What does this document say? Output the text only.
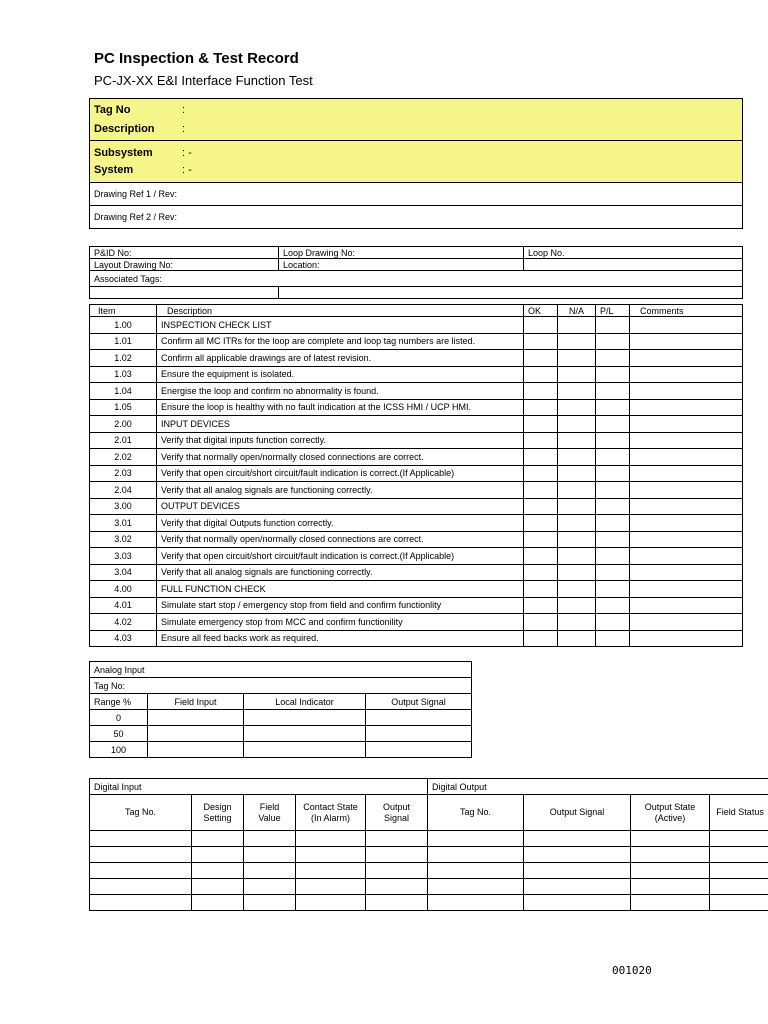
PC Inspection & Test Record
PC-JX-XX E&I Interface Function Test
Tag No	:
Description :

Subsystem	: -
System	: -

Drawing Ref 1 / Rev:
Drawing Ref 2 / Rev:
P&ID No:	Loop Drawing No:	Loop No.
Layout Drawing No:	Location:	
Associated Tags:		

Item	Description	OK	N/A	P/L	Comments
1.00	INSPECTION CHECK LIST				
1.01	Confirm all MC ITRs for the loop are complete and loop tag numbers are listed.				
1.02	Confirm all applicable drawings are of latest revision.				
1.03	Ensure the equipment is isolated.				
1.04	Energise the loop and confirm no abnormality is found.				
1.05	Ensure the loop is healthy with no fault indication at the ICSS HMI / UCP HMI.				
2.00	INPUT DEVICES				
2.01	Verify that digital inputs function correctly.				
2.02	Verify that normally open/normally closed connections are correct.				
2.03	Verify that open circuit/short circuit/fault indication is correct.(If Applicable)				
2.04	Verify that all analog signals are functioning correctly.				
3.00	OUTPUT DEVICES				
3.01	Verify that digital Outputs function correctly.				
3.02	Verify that normally open/normally closed connections are correct.				
3.03	Verify that open circuit/short circuit/fault indication is correct.(If Applicable)				
3.04	Verify that all analog signals are functioning correctly.				
4.00	FULL FUNCTION CHECK				
4.01	Simulate start stop / emergency stop from field and confirm functionlity				
4.02	Simulate emergency stop from MCC and confirm functionility				
4.03	Ensure all feed backs work as required.				
Analog Input			
Tag No:			
Range %	Field Input	Local Indicator	Output Signal
0			
50			
100			
Digital Input					Digital Output			
Tag No.	Design Setting	Field Value	Contact State (In Alarm)	Output Signal	Tag No.	Output Signal	Output State (Active)	Field Status

001020
